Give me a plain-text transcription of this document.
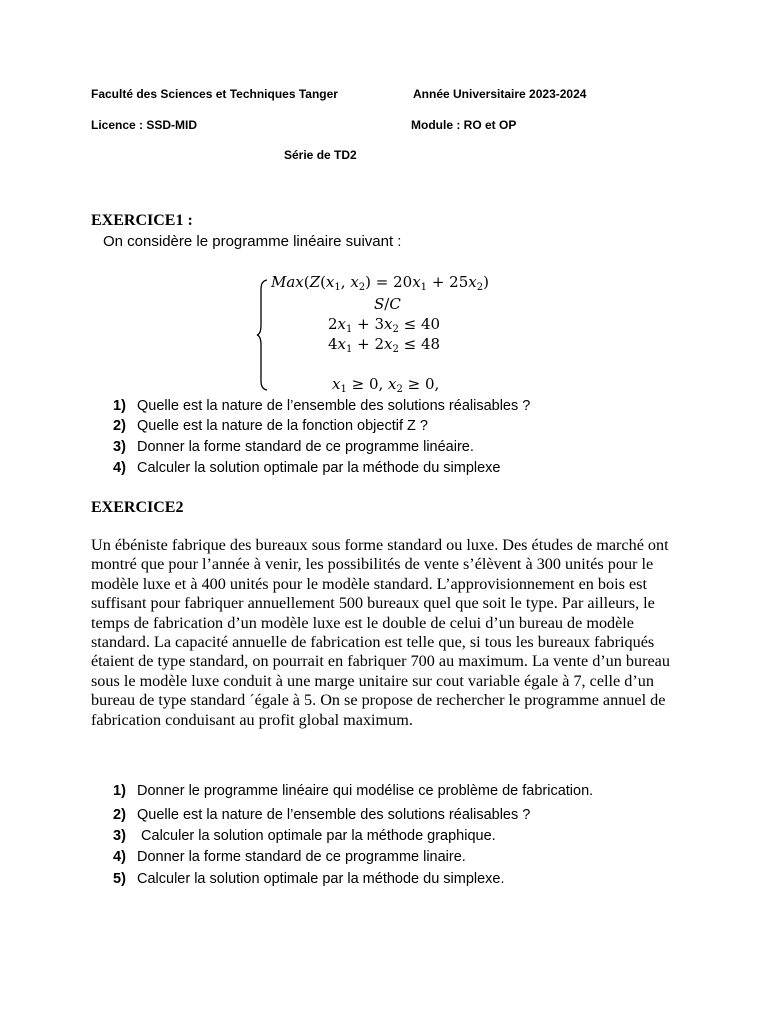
Faculté des Sciences et Techniques Tanger	Année Universitaire 2023-2024
Licence : SSD-MID	Module : RO et OP
Série de TD2
EXERCICE1 :
On considère le programme linéaire suivant :
$Max(Z(x_1$, $x_2) = 20x_1 + 25x_2$)
S/C
$2x_1 + 3x_2 \le 40$
$4x_1 + 2x_2 \le 48$
$x_1 \ge 0$, $x_2 \ge 0$,
1) Quelle est la nature de l’ensemble des solutions réalisables ?
2) Quelle est la nature de la fonction objectif Z ?
3) Donner la forme standard de ce programme linéaire.
4) Calculer la solution optimale par la méthode du simplexe
EXERCICE2
Un ébéniste fabrique des bureaux sous forme standard ou luxe. Des études de marché ont montré que pour l’année à venir, les possibilités de vente s’élèvent à 300 unités pour le modèle luxe et à 400 unités pour le modèle standard. L’approvisionnement en bois est suffisant pour fabriquer annuellement 500 bureaux quel que soit le type. Par ailleurs, le temps de fabrication d’un modèle luxe est le double de celui d’un bureau de modèle standard. La capacité annuelle de fabrication est telle que, si tous les bureaux fabriqués étaient de type standard, on pourrait en fabriquer 700 au maximum. La vente d’un bureau sous le modèle luxe conduit à une marge unitaire sur cout variable égale à 7, celle d’un bureau de type standard ´égale à 5. On se propose de rechercher le programme annuel de fabrication conduisant au profit global maximum.
1) Donner le programme linéaire qui modélise ce problème de fabrication.
2) Quelle est la nature de l’ensemble des solutions réalisables ?
3) Calculer la solution optimale par la méthode graphique.
4) Donner la forme standard de ce programme linaire.
5) Calculer la solution optimale par la méthode du simplexe.
